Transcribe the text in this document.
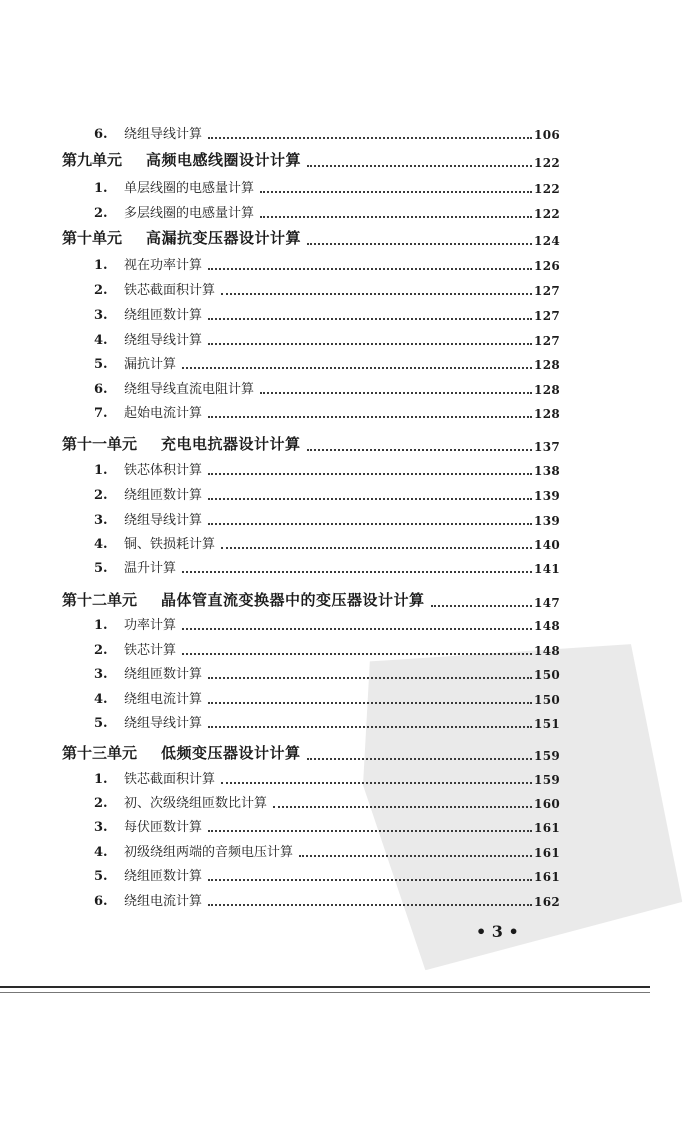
6.	绕组导线计算	106
第九单元 高频电感线圈设计计算	122
1.	单层线圈的电感量计算	122
2.	多层线圈的电感量计算	122
第十单元 高漏抗变压器设计计算	124
1.	视在功率计算	126
2.	铁芯截面积计算	127
3.	绕组匝数计算	127
4.	绕组导线计算	127
5.	漏抗计算	128
6.	绕组导线直流电阻计算	128
7.	起始电流计算	128
第十一单元 充电电抗器设计计算	137
1.	铁芯体积计算	138
2.	绕组匝数计算	139
3.	绕组导线计算	139
4.	铜、铁损耗计算	140
5.	温升计算	141
第十二单元 晶体管直流变换器中的变压器设计计算	147
1.	功率计算	148
2.	铁芯计算	148
3.	绕组匝数计算	150
4.	绕组电流计算	150
5.	绕组导线计算	151
第十三单元 低频变压器设计计算	159
1.	铁芯截面积计算	159
2.	初、次级绕组匝数比计算	160
3.	每伏匝数计算	161
4.	初级绕组两端的音频电压计算	161
5.	绕组匝数计算	161
6.	绕组电流计算	162
• 3 •
